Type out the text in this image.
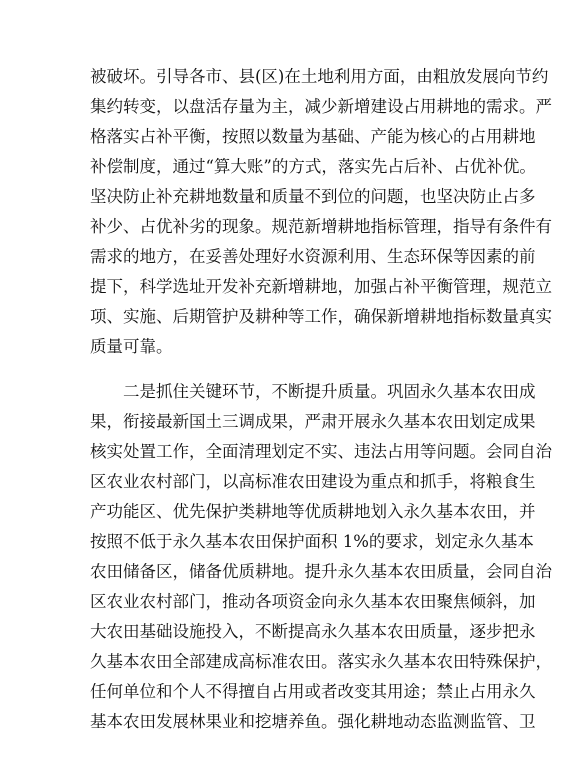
被破坏。引导各市、县(区)在土地利用方面，由粗放发展向节约
集约转变，以盘活存量为主，减少新增建设占用耕地的需求。严
格落实占补平衡，按照以数量为基础、产能为核心的占用耕地
补偿制度，通过“算大账”的方式，落实先占后补、占优补优。
坚决防止补充耕地数量和质量不到位的问题，也坚决防止占多
补少、占优补劣的现象。规范新增耕地指标管理，指导有条件有
需求的地方，在妥善处理好水资源利用、生态环保等因素的前
提下，科学选址开发补充新增耕地，加强占补平衡管理，规范立
项、实施、后期管护及耕种等工作，确保新增耕地指标数量真实
质量可靠。
二是抓住关键环节，不断提升质量。巩固永久基本农田成
果，衔接最新国土三调成果，严肃开展永久基本农田划定成果
核实处置工作，全面清理划定不实、违法占用等问题。会同自治
区农业农村部门，以高标准农田建设为重点和抓手，将粮食生
产功能区、优先保护类耕地等优质耕地划入永久基本农田，并
按照不低于永久基本农田保护面积 1%的要求，划定永久基本
农田储备区，储备优质耕地。提升永久基本农田质量，会同自治
区农业农村部门，推动各项资金向永久基本农田聚焦倾斜，加
大农田基础设施投入，不断提高永久基本农田质量，逐步把永
久基本农田全部建成高标准农田。落实永久基本农田特殊保护，
任何单位和个人不得擅自占用或者改变其用途；禁止占用永久
基本农田发展林果业和挖塘养鱼。强化耕地动态监测监管、卫
